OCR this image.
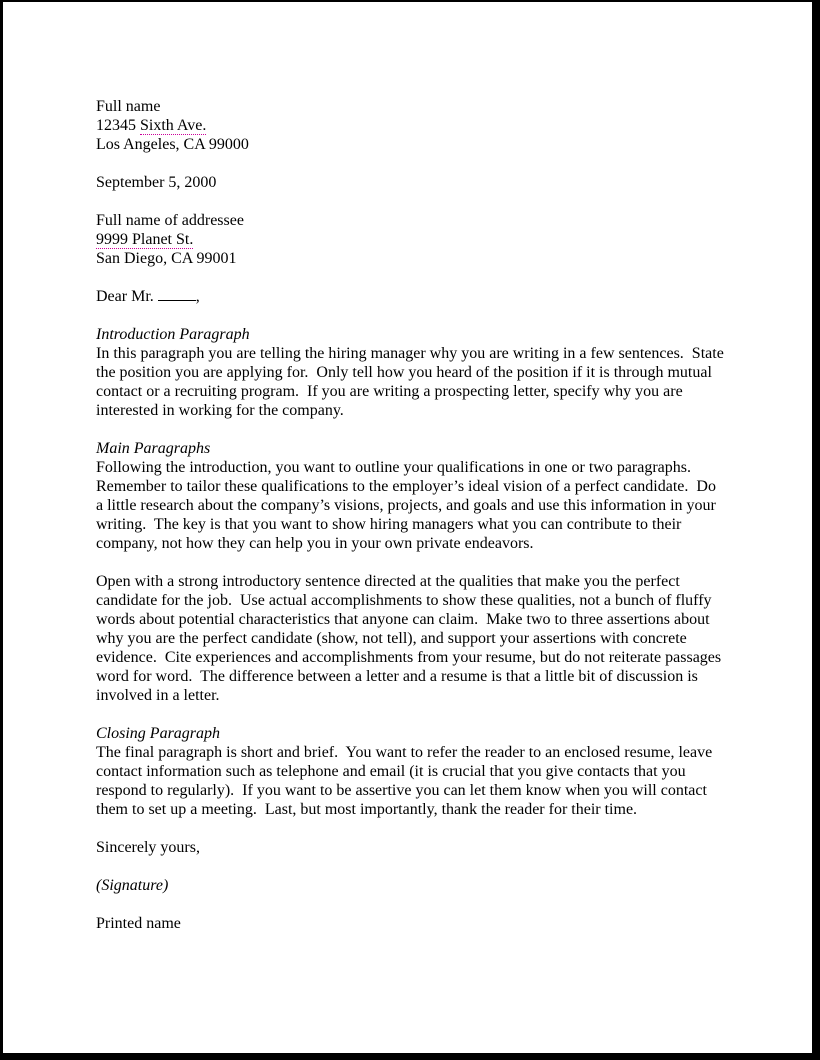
Full name
12345 Sixth Ave.
Los Angeles, CA 99000
September 5, 2000
Full name of addressee
9999 Planet St.
San Diego, CA 99001
Dear Mr. ,
Introduction Paragraph
In this paragraph you are telling the hiring manager why you are writing in a few sentences.  State the position you are applying for.  Only tell how you heard of the position if it is through mutual contact or a recruiting program.  If you are writing a prospecting letter, specify why you are interested in working for the company.
Main Paragraphs
Following the introduction, you want to outline your qualifications in one or two paragraphs.  Remember to tailor these qualifications to the employer’s ideal vision of a perfect candidate.  Do a little research about the company’s visions, projects, and goals and use this information in your writing.  The key is that you want to show hiring managers what you can contribute to their company, not how they can help you in your own private endeavors.
Open with a strong introductory sentence directed at the qualities that make you the perfect candidate for the job.  Use actual accomplishments to show these qualities, not a bunch of fluffy words about potential characteristics that anyone can claim.  Make two to three assertions about why you are the perfect candidate (show, not tell), and support your assertions with concrete evidence.  Cite experiences and accomplishments from your resume, but do not reiterate passages word for word.  The difference between a letter and a resume is that a little bit of discussion is involved in a letter.
Closing Paragraph
The final paragraph is short and brief.  You want to refer the reader to an enclosed resume, leave contact information such as telephone and email (it is crucial that you give contacts that you respond to regularly).  If you want to be assertive you can let them know when you will contact them to set up a meeting.  Last, but most importantly, thank the reader for their time.
Sincerely yours,
(Signature)
Printed name
